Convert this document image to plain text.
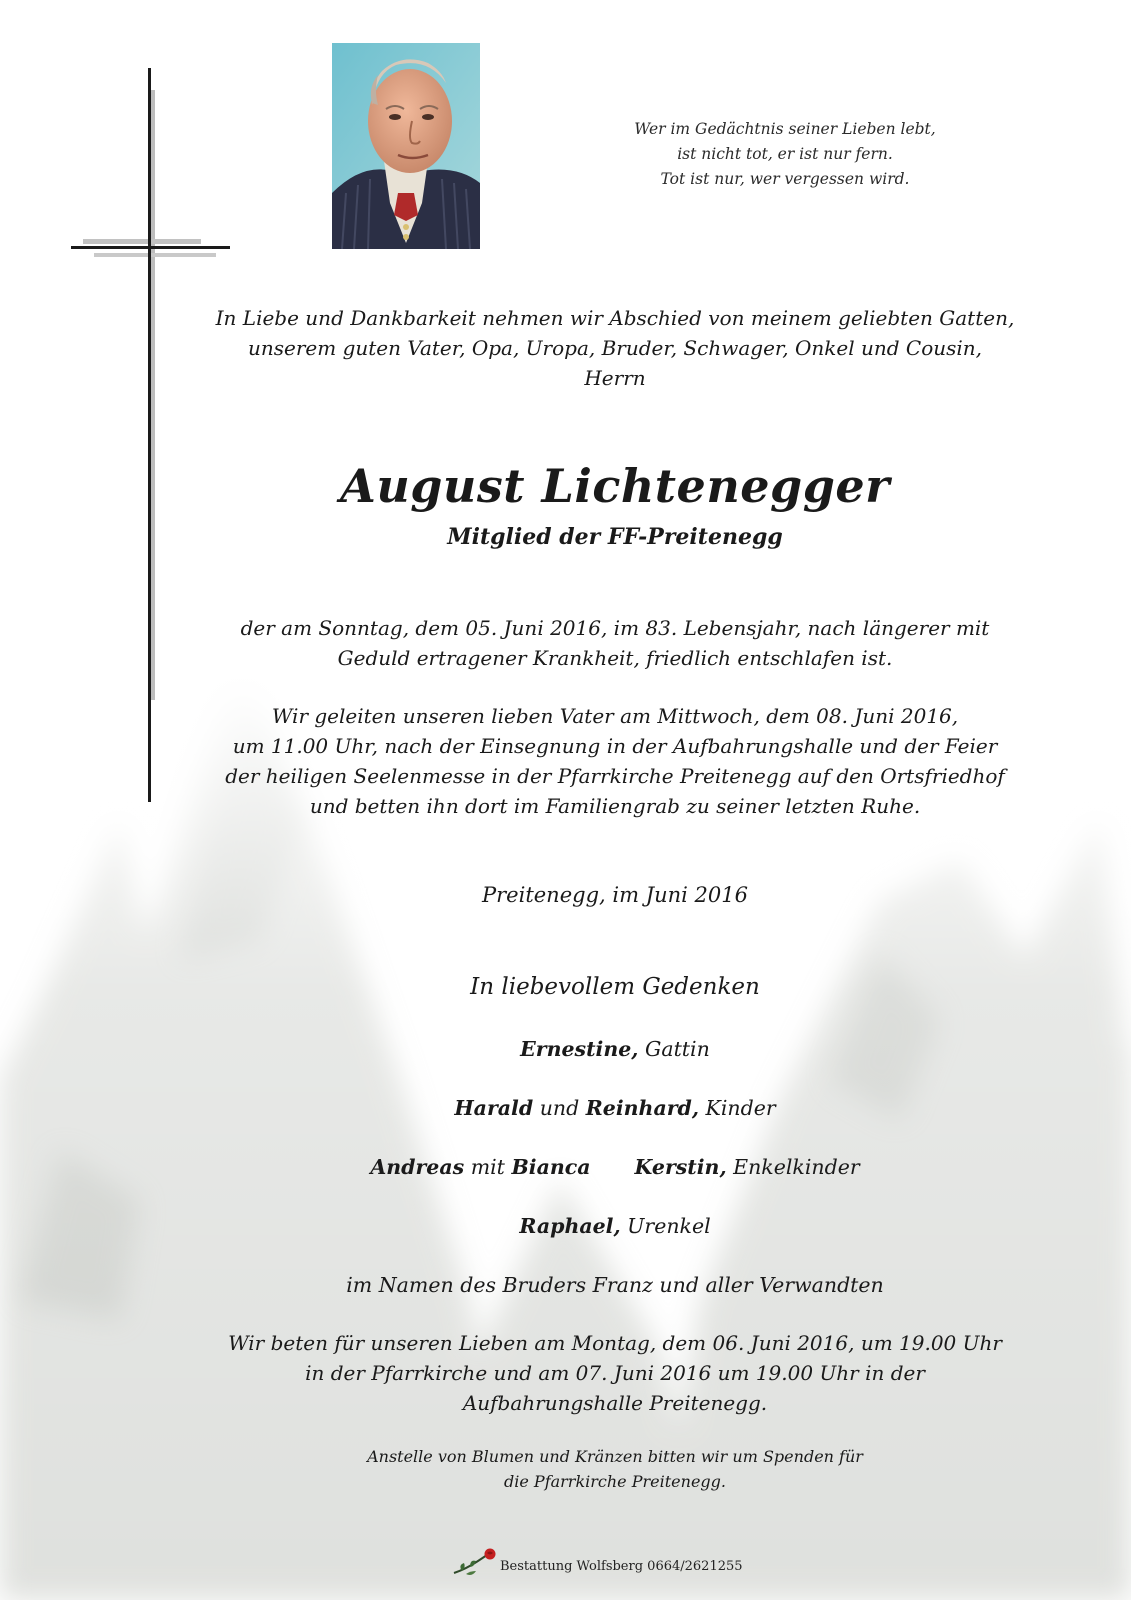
Wer im Gedächtnis seiner Lieben lebt,
ist nicht tot, er ist nur fern.
Tot ist nur, wer vergessen wird.
In Liebe und Dankbarkeit nehmen wir Abschied von meinem geliebten Gatten,
unserem guten Vater, Opa, Uropa, Bruder, Schwager, Onkel und Cousin,
Herrn
August Lichtenegger
Mitglied der FF-Preitenegg
der am Sonntag, dem 05. Juni 2016, im 83. Lebensjahr, nach längerer mit
Geduld ertragener Krankheit, friedlich entschlafen ist.
Wir geleiten unseren lieben Vater am Mittwoch, dem 08. Juni 2016,
um 11.00 Uhr, nach der Einsegnung in der Aufbahrungshalle und der Feier
der heiligen Seelenmesse in der Pfarrkirche Preitenegg auf den Ortsfriedhof
und betten ihn dort im Familiengrab zu seiner letzten Ruhe.
Preitenegg, im Juni 2016
In liebevollem Gedenken
Ernestine, Gattin
Harald und Reinhard, Kinder
Andreas mit Bianca Kerstin, Enkelkinder
Raphael, Urenkel
im Namen des Bruders Franz und aller Verwandten
Wir beten für unseren Lieben am Montag, dem 06. Juni 2016, um 19.00 Uhr
in der Pfarrkirche und am 07. Juni 2016 um 19.00 Uhr in der
Aufbahrungshalle Preitenegg.
Anstelle von Blumen und Kränzen bitten wir um Spenden für
die Pfarrkirche Preitenegg.
Bestattung Wolfsberg 0664/2621255
